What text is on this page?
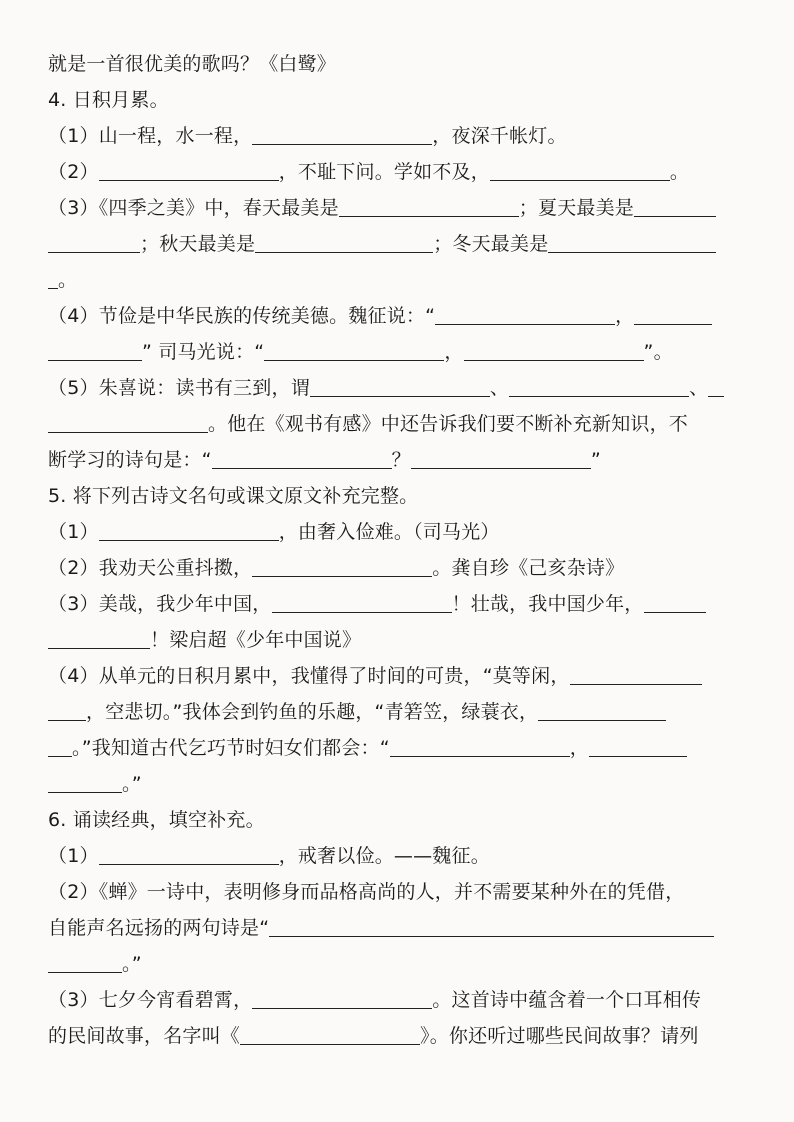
就是一首很优美的歌吗？《白鹭》
4. 日积月累。
（1）山一程，水一程，	，夜深千帐灯。
（2）	，不耻下问。学如不及，	。
（3）《四季之美》中，春天最美是	；夏天最美是
；秋天最美是	；冬天最美是
。
（4）节俭是中华民族的传统美德。魏征说：“	，
” 司马光说：“	，	”。
（5）朱喜说：读书有三到，谓	、	、
。他在《观书有感》中还告诉我们要不断补充新知识，不
断学习的诗句是：“	？	”
5. 将下列古诗文名句或课文原文补充完整。
（1）	，由奢入俭难。（司马光）
（2）我劝天公重抖擞，	。龚自珍《己亥杂诗》
（3）美哉，我少年中国，	！壮哉，我中国少年，
！梁启超《少年中国说》
（4）从单元的日积月累中，我懂得了时间的可贵，“莫等闲，
，空悲切。”我体会到钓鱼的乐趣，“青箬笠，绿蓑衣，
。”我知道古代乞巧节时妇女们都会：“	，
。”
6. 诵读经典，填空补充。
（1）	，戒奢以俭。——魏征。
（2）《蝉》一诗中，表明修身而品格高尚的人，并不需要某种外在的凭借，
自能声名远扬的两句诗是“
。”
（3）七夕今宵看碧霄，	。这首诗中蕴含着一个口耳相传
的民间故事，名字叫《	》。你还听过哪些民间故事？请列
